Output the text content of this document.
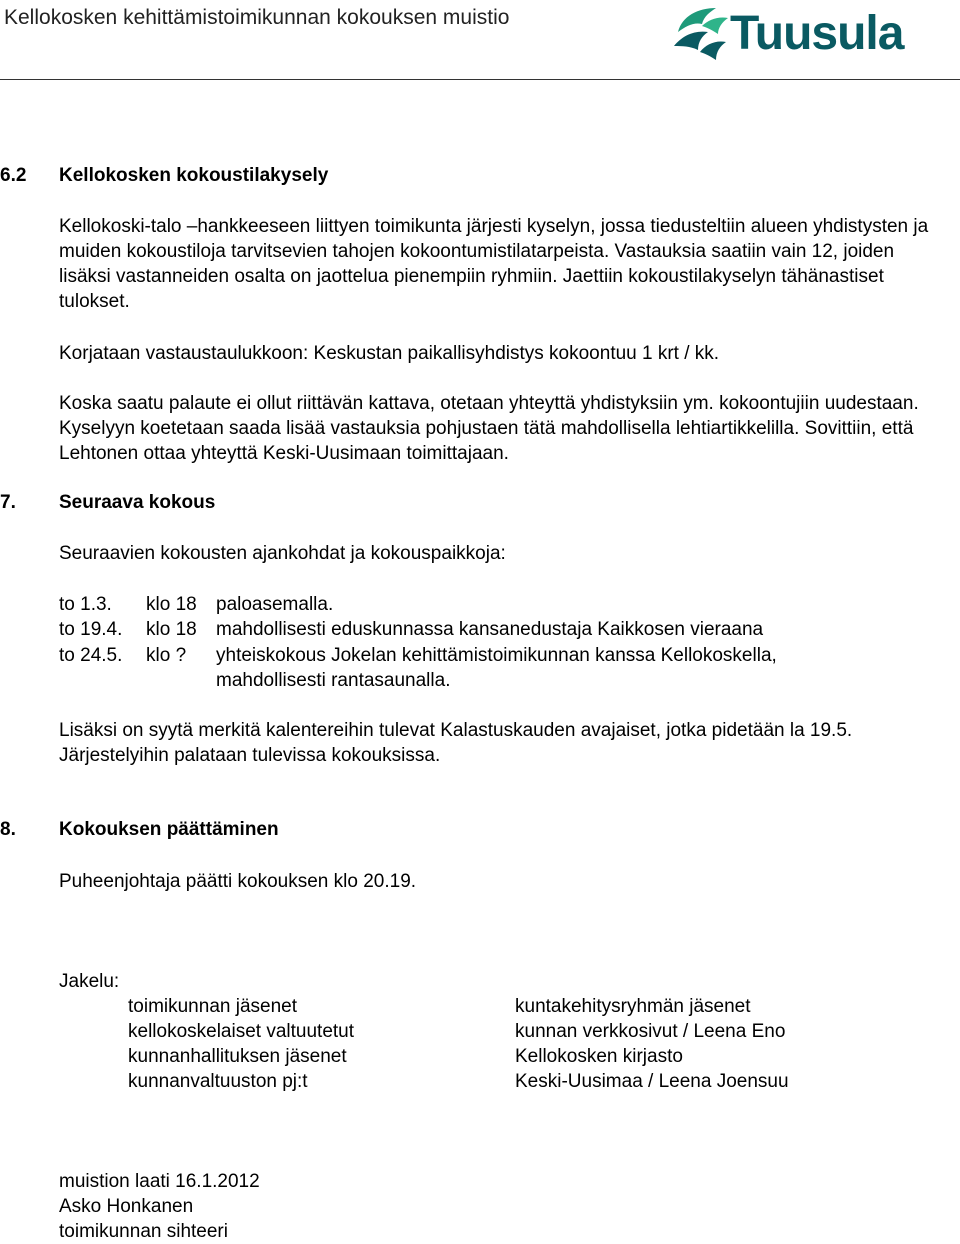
Kellokosken kehittämistoimikunnan kokouksen muistio	Tuusula
6.2 Kellokosken kokoustilakysely

Kellokoski-talo –hankkeeseen liittyen toimikunta järjesti kyselyn, jossa tiedusteltiin alueen yhdistysten ja muiden kokoustiloja tarvitsevien tahojen kokoontumistilatarpeista. Vastauksia saatiin vain 12, joiden lisäksi vastanneiden osalta on jaottelua pienempiin ryhmiin. Jaettiin kokoustilakyselyn tähänastiset tulokset.

Korjataan vastaustaulukkoon: Keskustan paikallisyhdistys kokoontuu 1 krt / kk.

Koska saatu palaute ei ollut riittävän kattava, otetaan yhteyttä yhdistyksiin ym. kokoontujiin uudestaan. Kyselyyn koetetaan saada lisää vastauksia pohjustaen tätä mahdollisella lehtiartikkelilla. Sovittiin, että Lehtonen ottaa yhteyttä Keski-Uusimaan toimittajaan.

7. Seuraava kokous
Seuraavien kokousten ajankohdat ja kokouspaikkoja:
to 1.3. klo 18 paloasemalla.
to 19.4. klo 18 mahdollisesti eduskunnassa kansanedustaja Kaikkosen vieraana
to 24.5. klo ? yhteiskokous Jokelan kehittämistoimikunnan kanssa Kellokoskella,
mahdollisesti rantasaunalla.

Lisäksi on syytä merkitä kalentereihin tulevat Kalastuskauden avajaiset, jotka pidetään la 19.5. Järjestelyihin palataan tulevissa kokouksissa.

8. Kokouksen päättäminen
Puheenjohtaja päätti kokouksen klo 20.19.
Jakelu:
toimikunnan jäsenet
kellokoskelaiset valtuutetut
kunnanhallituksen jäsenet
kunnanvaltuuston pj:t
kuntakehitysryhmän jäsenet
kunnan verkkosivut / Leena Eno
Kellokosken kirjasto
Keski-Uusimaa / Leena Joensuu
muistion laati 16.1.2012
Asko Honkanen
toimikunnan sihteeri
